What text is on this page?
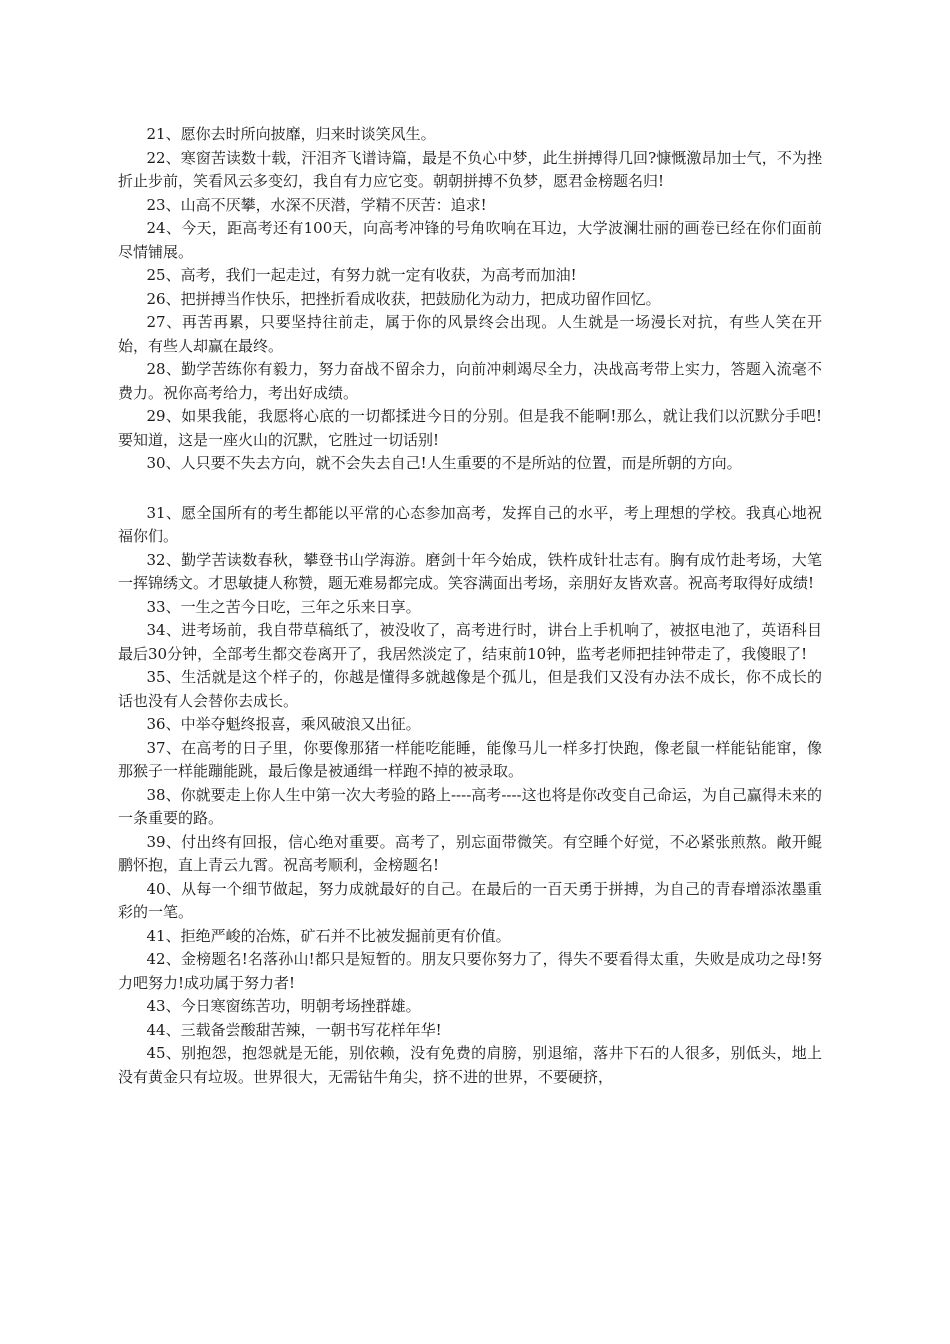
21、愿你去时所向披靡，归来时谈笑风生。

22、寒窗苦读数十载，汗泪齐飞谱诗篇，最是不负心中梦，此生拼搏得几回?慷慨激昂加士气，不为挫折止步前，笑看风云多变幻，我自有力应它变。朝朝拼搏不负梦，愿君金榜题名归!

23、山高不厌攀，水深不厌潜，学精不厌苦：追求!

24、今天，距高考还有100天，向高考冲锋的号角吹响在耳边，大学波澜壮丽的画卷已经在你们面前尽情铺展。

25、高考，我们一起走过，有努力就一定有收获，为高考而加油!

26、把拼搏当作快乐，把挫折看成收获，把鼓励化为动力，把成功留作回忆。

27、再苦再累，只要坚持往前走，属于你的风景终会出现。人生就是一场漫长对抗，有些人笑在开始，有些人却赢在最终。

28、勤学苦练你有毅力，努力奋战不留余力，向前冲刺竭尽全力，决战高考带上实力，答题入流毫不费力。祝你高考给力，考出好成绩。

29、如果我能，我愿将心底的一切都揉进今日的分别。但是我不能啊!那么，就让我们以沉默分手吧!要知道，这是一座火山的沉默，它胜过一切话别!

30、人只要不失去方向，就不会失去自己!人生重要的不是所站的位置，而是所朝的方向。

31、愿全国所有的考生都能以平常的心态参加高考，发挥自己的水平，考上理想的学校。我真心地祝福你们。

32、勤学苦读数春秋，攀登书山学海游。磨剑十年今始成，铁杵成针壮志有。胸有成竹赴考场，大笔一挥锦绣文。才思敏捷人称赞，题无难易都完成。笑容满面出考场，亲朋好友皆欢喜。祝高考取得好成绩!

33、一生之苦今日吃，三年之乐来日享。

34、进考场前，我自带草稿纸了，被没收了，高考进行时，讲台上手机响了，被抠电池了，英语科目最后30分钟，全部考生都交卷离开了，我居然淡定了，结束前10钟，监考老师把挂钟带走了，我傻眼了!

35、生活就是这个样子的，你越是懂得多就越像是个孤儿，但是我们又没有办法不成长，你不成长的话也没有人会替你去成长。

36、中举夺魁终报喜，乘风破浪又出征。

37、在高考的日子里，你要像那猪一样能吃能睡，能像马儿一样多打快跑，像老鼠一样能钻能窜，像那猴子一样能蹦能跳，最后像是被通缉一样跑不掉的被录取。

38、你就要走上你人生中第一次大考验的路上----高考----这也将是你改变自己命运，为自己赢得未来的一条重要的路。

39、付出终有回报，信心绝对重要。高考了，别忘面带微笑。有空睡个好觉，不必紧张煎熬。敞开鲲鹏怀抱，直上青云九霄。祝高考顺利，金榜题名!

40、从每一个细节做起，努力成就最好的自己。在最后的一百天勇于拼搏，为自己的青春增添浓墨重彩的一笔。

41、拒绝严峻的冶炼，矿石并不比被发掘前更有价值。

42、金榜题名!名落孙山!都只是短暂的。朋友只要你努力了，得失不要看得太重，失败是成功之母!努力吧努力!成功属于努力者!

43、今日寒窗练苦功，明朝考场挫群雄。

44、三载备尝酸甜苦辣，一朝书写花样年华!

45、别抱怨，抱怨就是无能，别依赖，没有免费的肩膀，别退缩，落井下石的人很多，别低头，地上没有黄金只有垃圾。世界很大，无需钻牛角尖，挤不进的世界，不要硬挤，
